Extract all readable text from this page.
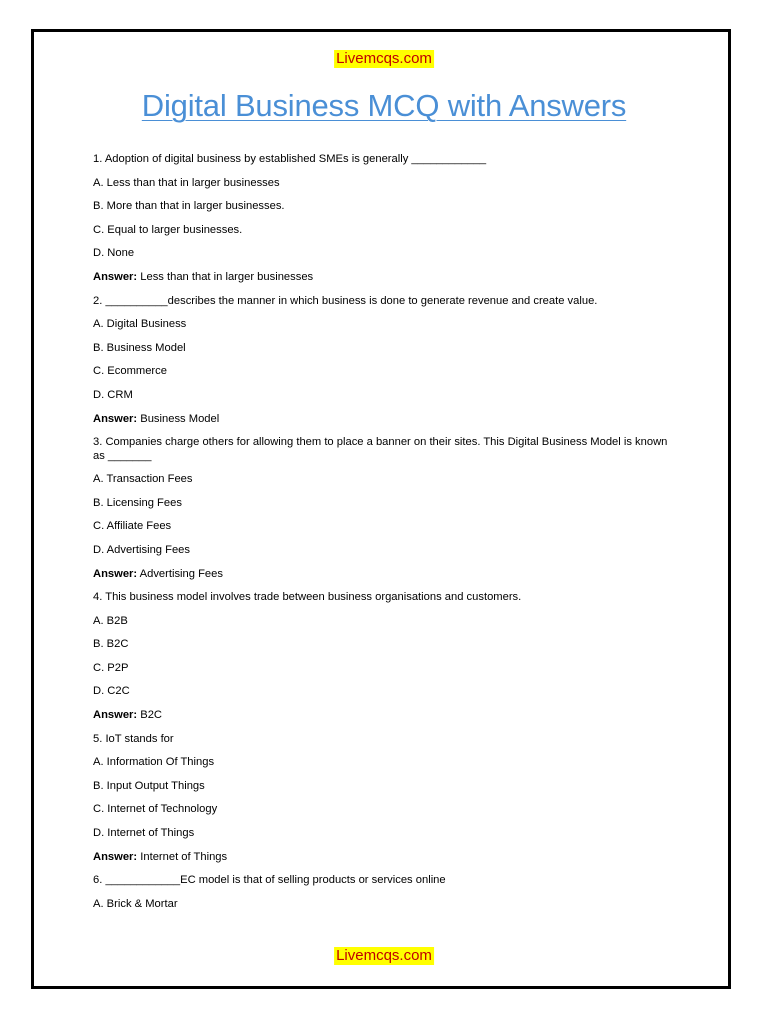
Livemcqs.com
Digital Business MCQ with Answers
1. Adoption of digital business by established SMEs is generally ____________
A. Less than that in larger businesses
B. More than that in larger businesses.
C. Equal to larger businesses.
D. None
Answer: Less than that in larger businesses
2. __________describes the manner in which business is done to generate revenue and create value.
A. Digital Business
B. Business Model
C. Ecommerce
D. CRM
Answer: Business Model
3. Companies charge others for allowing them to place a banner on their sites. This Digital Business Model is known as _______
A. Transaction Fees
B. Licensing Fees
C. Affiliate Fees
D. Advertising Fees
Answer: Advertising Fees
4. This business model involves trade between business organisations and customers.
A. B2B
B. B2C
C. P2P
D. C2C
Answer: B2C
5. IoT stands for
A. Information Of Things
B. Input Output Things
C. Internet of Technology
D. Internet of Things
Answer: Internet of Things
6. ____________EC model is that of selling products or services online
A. Brick & Mortar
Livemcqs.com
